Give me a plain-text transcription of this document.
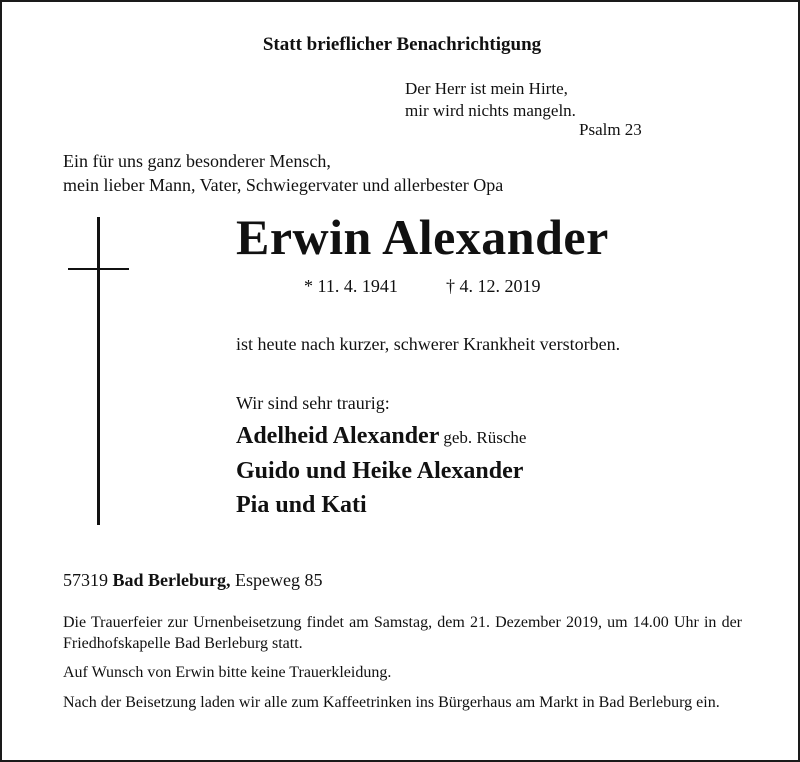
Statt brieflicher Benachrichtigung
Der Herr ist mein Hirte,
mir wird nichts mangeln.
Psalm 23
Ein für uns ganz besonderer Mensch,
mein lieber Mann, Vater, Schwiegervater und allerbester Opa
Erwin Alexander
* 11. 4. 1941	† 4. 12. 2019
ist heute nach kurzer, schwerer Krankheit verstorben.
Wir sind sehr traurig:
Adelheid Alexander geb. Rüsche
Guido und Heike Alexander
Pia und Kati
57319 Bad Berleburg, Espeweg 85
Die Trauerfeier zur Urnenbeisetzung findet am Samstag, dem 21. Dezember 2019, um 14.00 Uhr in der Friedhofskapelle Bad Berleburg statt.
Auf Wunsch von Erwin bitte keine Trauerkleidung.
Nach der Beisetzung laden wir alle zum Kaffeetrinken ins Bürgerhaus am Markt in Bad Berleburg ein.
